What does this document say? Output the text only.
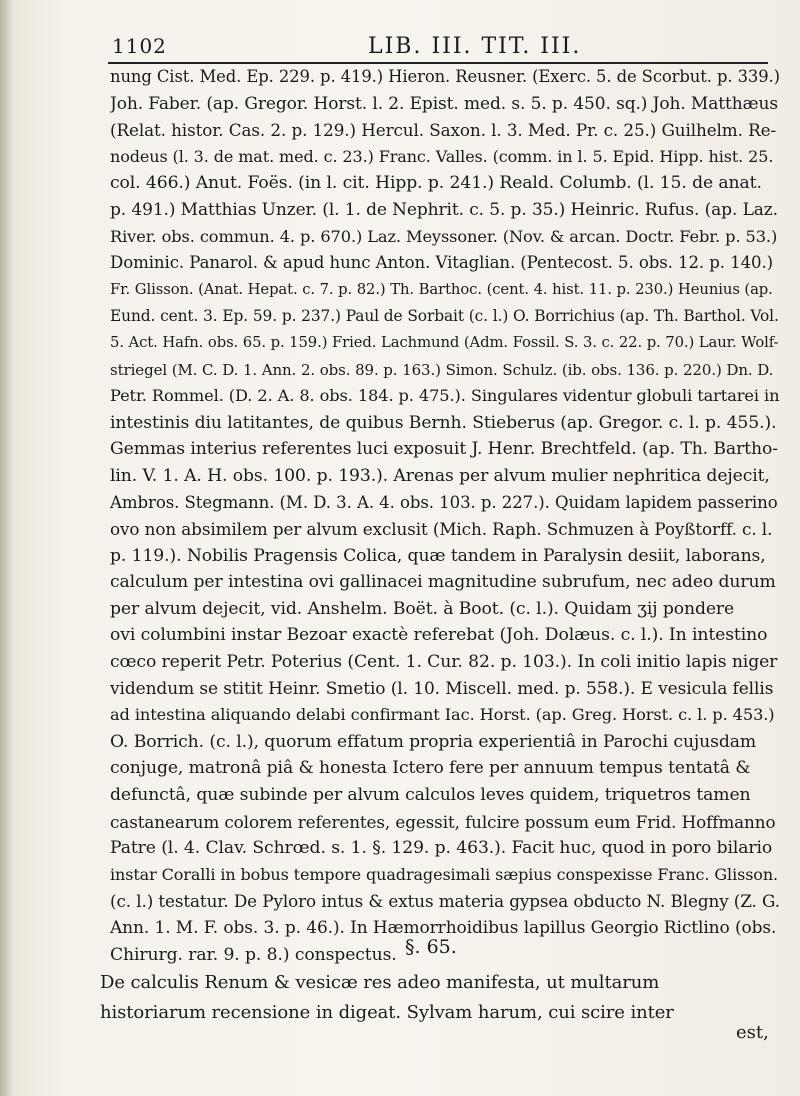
1102	LIB. III. TIT. III.
nung Cist. Med. Ep. 229. p. 419.) Hieron. Reusner. (Exerc. 5. de Scorbut. p. 339.)
Joh. Faber. (ap. Gregor. Horst. l. 2. Epist. med. s. 5. p. 450. sq.) Joh. Matthæus
(Relat. histor. Cas. 2. p. 129.) Hercul. Saxon. l. 3. Med. Pr. c. 25.) Guilhelm. Re-
nodeus (l. 3. de mat. med. c. 23.) Franc. Valles. (comm. in l. 5. Epid. Hipp. hist. 25.
col. 466.) Anut. Foës. (in l. cit. Hipp. p. 241.) Reald. Columb. (l. 15. de anat.
p. 491.) Matthias Unzer. (l. 1. de Nephrit. c. 5. p. 35.) Heinric. Rufus. (ap. Laz.
River. obs. commun. 4. p. 670.) Laz. Meyssoner. (Nov. & arcan. Doctr. Febr. p. 53.)
Dominic. Panarol. & apud hunc Anton. Vitaglian. (Pentecost. 5. obs. 12. p. 140.)
Fr. Glisson. (Anat. Hepat. c. 7. p. 82.) Th. Barthoc. (cent. 4. hist. 11. p. 230.) Heunius (ap.
Eund. cent. 3. Ep. 59. p. 237.) Paul de Sorbait (c. l.) O. Borrichius (ap. Th. Barthol. Vol.
5. Act. Hafn. obs. 65. p. 159.) Fried. Lachmund (Adm. Fossil. S. 3. c. 22. p. 70.) Laur. Wolf-
striegel (M. C. D. 1. Ann. 2. obs. 89. p. 163.) Simon. Schulz. (ib. obs. 136. p. 220.) Dn. D.
Petr. Rommel. (D. 2. A. 8. obs. 184. p. 475.). Singulares videntur globuli tartarei in
intestinis diu latitantes, de quibus Bernh. Stieberus (ap. Gregor. c. l. p. 455.).
Gemmas interius referentes luci exposuit J. Henr. Brechtfeld. (ap. Th. Bartho-
lin. V. 1. A. H. obs. 100. p. 193.). Arenas per alvum mulier nephritica dejecit,
Ambros. Stegmann. (M. D. 3. A. 4. obs. 103. p. 227.). Quidam lapidem passerino
ovo non absimilem per alvum exclusit (Mich. Raph. Schmuzen à Poyßtorff. c. l.
p. 119.). Nobilis Pragensis Colica, quæ tandem in Paralysin desiit, laborans,
calculum per intestina ovi gallinacei magnitudine subrufum, nec adeo durum
per alvum dejecit, vid. Anshelm. Boët. à Boot. (c. l.). Quidam ʒij pondere
ovi columbini instar Bezoar exactè referebat (Joh. Dolæus. c. l.). In intestino
cœco reperit Petr. Poterius (Cent. 1. Cur. 82. p. 103.). In coli initio lapis niger
videndum se stitit Heinr. Smetio (l. 10. Miscell. med. p. 558.). E vesicula fellis
ad intestina aliquando delabi confirmant Iac. Horst. (ap. Greg. Horst. c. l. p. 453.)
O. Borrich. (c. l.), quorum effatum propria experientiâ in Parochi cujusdam
conjuge, matronâ piâ & honesta Ictero fere per annuum tempus tentatâ &
defunctâ, quæ subinde per alvum calculos leves quidem, triquetros tamen
castanearum colorem referentes, egessit, fulcire possum eum Frid. Hoffmanno
Patre (l. 4. Clav. Schrœd. s. 1. §. 129. p. 463.). Facit huc, quod in poro bilario
instar Coralli in bobus tempore quadragesimali sæpius conspexisse Franc. Glisson.
(c. l.) testatur. De Pyloro intus & extus materia gypsea obducto N. Blegny (Z. G.
Ann. 1. M. F. obs. 3. p. 46.). In Hæmorrhoidibus lapillus Georgio Rictlino (obs.
Chirurg. rar. 9. p. 8.) conspectus. §. 65.
De calculis Renum & vesicæ res adeo manifesta, ut multarum
historiarum recensione in digeat. Sylvam harum, cui scire inter
est,
